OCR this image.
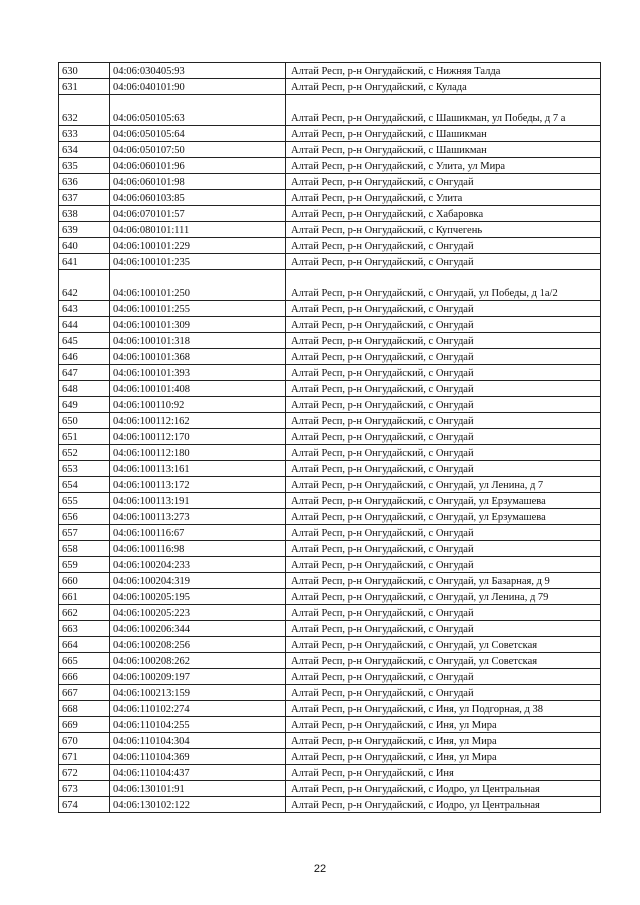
630	04:06:030405:93	Алтай Респ, р-н Онгудайский, с Нижняя Талда
631	04:06:040101:90	Алтай Респ, р-н Онгудайский, с Кулада
632	04:06:050105:63	Алтай Респ, р-н Онгудайский, с Шашикман, ул Победы, д 7 а
633	04:06:050105:64	Алтай Респ, р-н Онгудайский, с Шашикман
634	04:06:050107:50	Алтай Респ, р-н Онгудайский, с Шашикман
635	04:06:060101:96	Алтай Респ, р-н Онгудайский, с Улита, ул Мира
636	04:06:060101:98	Алтай Респ, р-н Онгудайский, с Онгудай
637	04:06:060103:85	Алтай Респ, р-н Онгудайский, с Улита
638	04:06:070101:57	Алтай Респ, р-н Онгудайский, с Хабаровка
639	04:06:080101:111	Алтай Респ, р-н Онгудайский, с Купчегень
640	04:06:100101:229	Алтай Респ, р-н Онгудайский, с Онгудай
641	04:06:100101:235	Алтай Респ, р-н Онгудайский, с Онгудай
642	04:06:100101:250	Алтай Респ, р-н Онгудайский, с Онгудай, ул Победы, д 1а/2
643	04:06:100101:255	Алтай Респ, р-н Онгудайский, с Онгудай
644	04:06:100101:309	Алтай Респ, р-н Онгудайский, с Онгудай
645	04:06:100101:318	Алтай Респ, р-н Онгудайский, с Онгудай
646	04:06:100101:368	Алтай Респ, р-н Онгудайский, с Онгудай
647	04:06:100101:393	Алтай Респ, р-н Онгудайский, с Онгудай
648	04:06:100101:408	Алтай Респ, р-н Онгудайский, с Онгудай
649	04:06:100110:92	Алтай Респ, р-н Онгудайский, с Онгудай
650	04:06:100112:162	Алтай Респ, р-н Онгудайский, с Онгудай
651	04:06:100112:170	Алтай Респ, р-н Онгудайский, с Онгудай
652	04:06:100112:180	Алтай Респ, р-н Онгудайский, с Онгудай
653	04:06:100113:161	Алтай Респ, р-н Онгудайский, с Онгудай
654	04:06:100113:172	Алтай Респ, р-н Онгудайский, с Онгудай, ул Ленина, д 7
655	04:06:100113:191	Алтай Респ, р-н Онгудайский, с Онгудай, ул Ерзумашева
656	04:06:100113:273	Алтай Респ, р-н Онгудайский, с Онгудай, ул Ерзумашева
657	04:06:100116:67	Алтай Респ, р-н Онгудайский, с Онгудай
658	04:06:100116:98	Алтай Респ, р-н Онгудайский, с Онгудай
659	04:06:100204:233	Алтай Респ, р-н Онгудайский, с Онгудай
660	04:06:100204:319	Алтай Респ, р-н Онгудайский, с Онгудай, ул Базарная, д 9
661	04:06:100205:195	Алтай Респ, р-н Онгудайский, с Онгудай, ул Ленина, д 79
662	04:06:100205:223	Алтай Респ, р-н Онгудайский, с Онгудай
663	04:06:100206:344	Алтай Респ, р-н Онгудайский, с Онгудай
664	04:06:100208:256	Алтай Респ, р-н Онгудайский, с Онгудай, ул Советская
665	04:06:100208:262	Алтай Респ, р-н Онгудайский, с Онгудай, ул Советская
666	04:06:100209:197	Алтай Респ, р-н Онгудайский, с Онгудай
667	04:06:100213:159	Алтай Респ, р-н Онгудайский, с Онгудай
668	04:06:110102:274	Алтай Респ, р-н Онгудайский, с Иня, ул Подгорная, д 38
669	04:06:110104:255	Алтай Респ, р-н Онгудайский, с Иня, ул Мира
670	04:06:110104:304	Алтай Респ, р-н Онгудайский, с Иня, ул Мира
671	04:06:110104:369	Алтай Респ, р-н Онгудайский, с Иня, ул Мира
672	04:06:110104:437	Алтай Респ, р-н Онгудайский, с Иня
673	04:06:130101:91	Алтай Респ, р-н Онгудайский, с Иодро, ул Центральная
674	04:06:130102:122	Алтай Респ, р-н Онгудайский, с Иодро, ул Центральная
22
